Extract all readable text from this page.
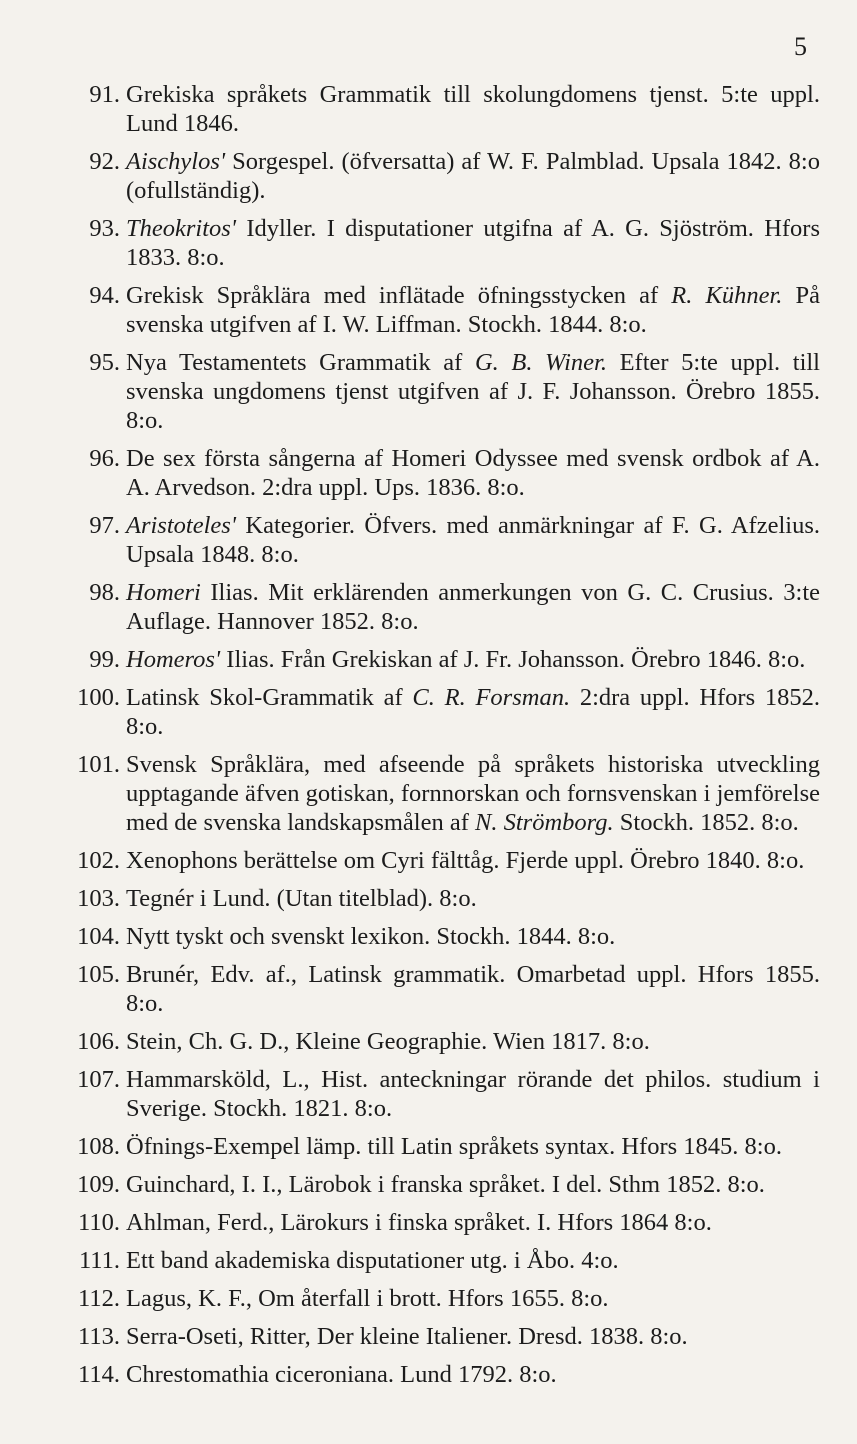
5
91. Grekiska språkets Grammatik till skolungdomens tjenst. 5:te uppl. Lund 1846.
92. Aischylos' Sorgespel. (öfversatta) af W. F. Palmblad. Upsala 1842. 8:o (ofullständig).
93. Theokritos' Idyller. I disputationer utgifna af A. G. Sjöström. Hfors 1833. 8:o.
94. Grekisk Språklära med inflätade öfningsstycken af R. Kühner. På svenska utgifven af I. W. Liffman. Stockh. 1844. 8:o.
95. Nya Testamentets Grammatik af G. B. Winer. Efter 5:te uppl. till svenska ungdomens tjenst utgifven af J. F. Johansson. Örebro 1855. 8:o.
96. De sex första sångerna af Homeri Odyssee med svensk ordbok af A. A. Arvedson. 2:dra uppl. Ups. 1836. 8:o.
97. Aristoteles' Kategorier. Öfvers. med anmärkningar af F. G. Afzelius. Upsala 1848. 8:o.
98. Homeri Ilias. Mit erklärenden anmerkungen von G. C. Crusius. 3:te Auflage. Hannover 1852. 8:o.
99. Homeros' Ilias. Från Grekiskan af J. Fr. Johansson. Örebro 1846. 8:o.
100. Latinsk Skol-Grammatik af C. R. Forsman. 2:dra uppl. Hfors 1852. 8:o.
101. Svensk Språklära, med afseende på språkets historiska utveckling upptagande äfven gotiskan, fornnorskan och fornsvenskan i jemförelse med de svenska landskapsmålen af N. Strömborg. Stockh. 1852. 8:o.
102. Xenophons berättelse om Cyri fälttåg. Fjerde uppl. Örebro 1840. 8:o.
103. Tegnér i Lund. (Utan titelblad). 8:o.
104. Nytt tyskt och svenskt lexikon. Stockh. 1844. 8:o.
105. Brunér, Edv. af., Latinsk grammatik. Omarbetad uppl. Hfors 1855. 8:o.
106. Stein, Ch. G. D., Kleine Geographie. Wien 1817. 8:o.
107. Hammarsköld, L., Hist. anteckningar rörande det philos. studium i Sverige. Stockh. 1821. 8:o.
108. Öfnings-Exempel lämp. till Latin språkets syntax. Hfors 1845. 8:o.
109. Guinchard, I. I., Lärobok i franska språket. I del. Sthm 1852. 8:o.
110. Ahlman, Ferd., Lärokurs i finska språket. I. Hfors 1864 8:o.
111. Ett band akademiska disputationer utg. i Åbo. 4:o.
112. Lagus, K. F., Om återfall i brott. Hfors 1655. 8:o.
113. Serra-Oseti, Ritter, Der kleine Italiener. Dresd. 1838. 8:o.
114. Chrestomathia ciceroniana. Lund 1792. 8:o.
